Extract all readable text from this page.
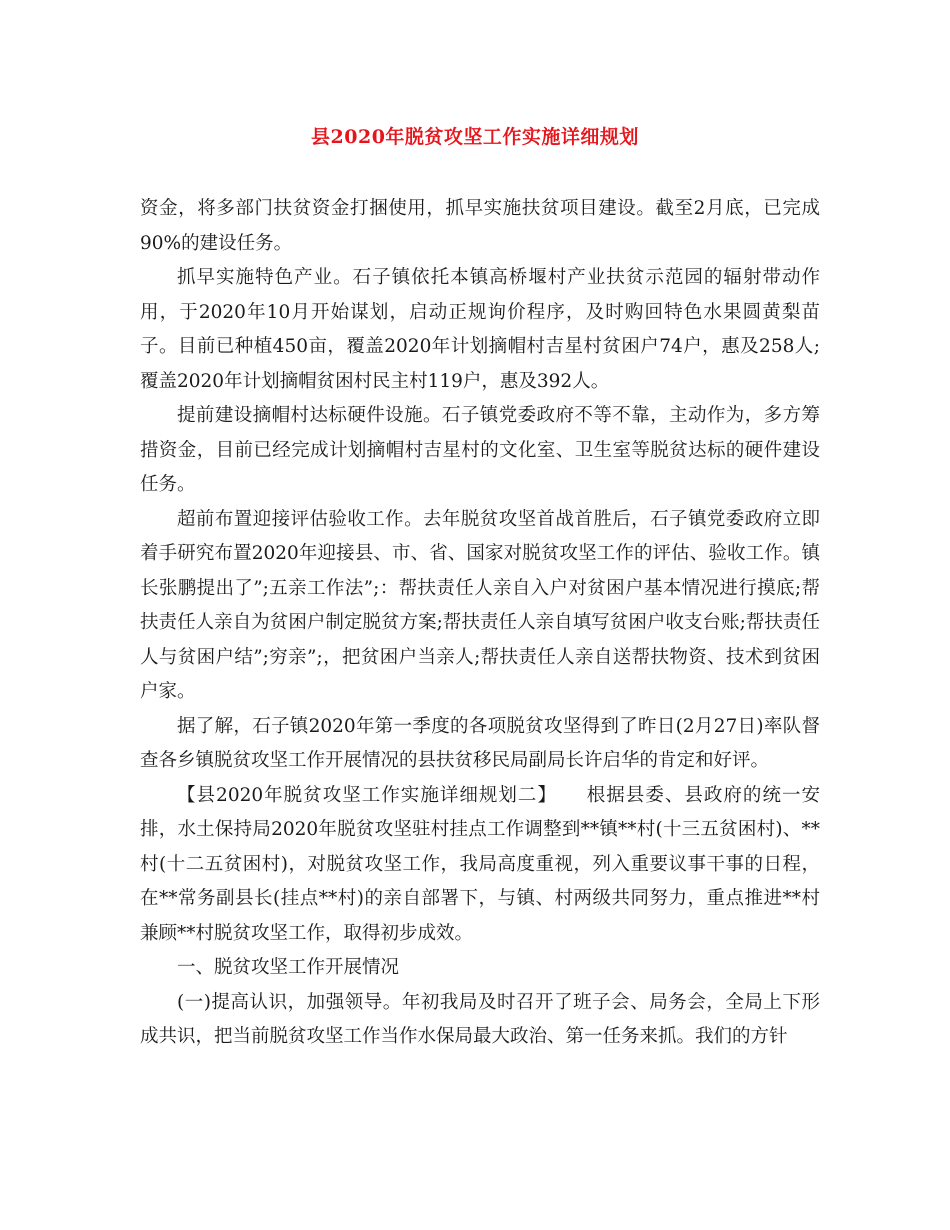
县2020年脱贫攻坚工作实施详细规划

资金，将多部门扶贫资金打捆使用，抓早实施扶贫项目建设。截至2月底，已完成90%的建设任务。

抓早实施特色产业。石子镇依托本镇高桥堰村产业扶贫示范园的辐射带动作用，于2020年10月开始谋划，启动正规询价程序，及时购回特色水果圆黄梨苗子。目前已种植450亩，覆盖2020年计划摘帽村吉星村贫困户74户，惠及258人;覆盖2020年计划摘帽贫困村民主村119户，惠及392人。

提前建设摘帽村达标硬件设施。石子镇党委政府不等不靠，主动作为，多方筹措资金，目前已经完成计划摘帽村吉星村的文化室、卫生室等脱贫达标的硬件建设任务。

超前布置迎接评估验收工作。去年脱贫攻坚首战首胜后，石子镇党委政府立即着手研究布置2020年迎接县、市、省、国家对脱贫攻坚工作的评估、验收工作。镇长张鹏提出了”;五亲工作法”;：帮扶责任人亲自入户对贫困户基本情况进行摸底;帮扶责任人亲自为贫困户制定脱贫方案;帮扶责任人亲自填写贫困户收支台账;帮扶责任人与贫困户结”;穷亲”;，把贫困户当亲人;帮扶责任人亲自送帮扶物资、技术到贫困户家。

据了解，石子镇2020年第一季度的各项脱贫攻坚得到了昨日(2月27日)率队督查各乡镇脱贫攻坚工作开展情况的县扶贫移民局副局长许启华的肯定和好评。

【县2020年脱贫攻坚工作实施详细规划二】　　根据县委、县政府的统一安排，水土保持局2020年脱贫攻坚驻村挂点工作调整到**镇**村(十三五贫困村)、**村(十二五贫困村)，对脱贫攻坚工作，我局高度重视，列入重要议事干事的日程，在**常务副县长(挂点**村)的亲自部署下，与镇、村两级共同努力，重点推进**村兼顾**村脱贫攻坚工作，取得初步成效。

一、脱贫攻坚工作开展情况

(一)提高认识，加强领导。年初我局及时召开了班子会、局务会，全局上下形成共识，把当前脱贫攻坚工作当作水保局最大政治、第一任务来抓。我们的方针
